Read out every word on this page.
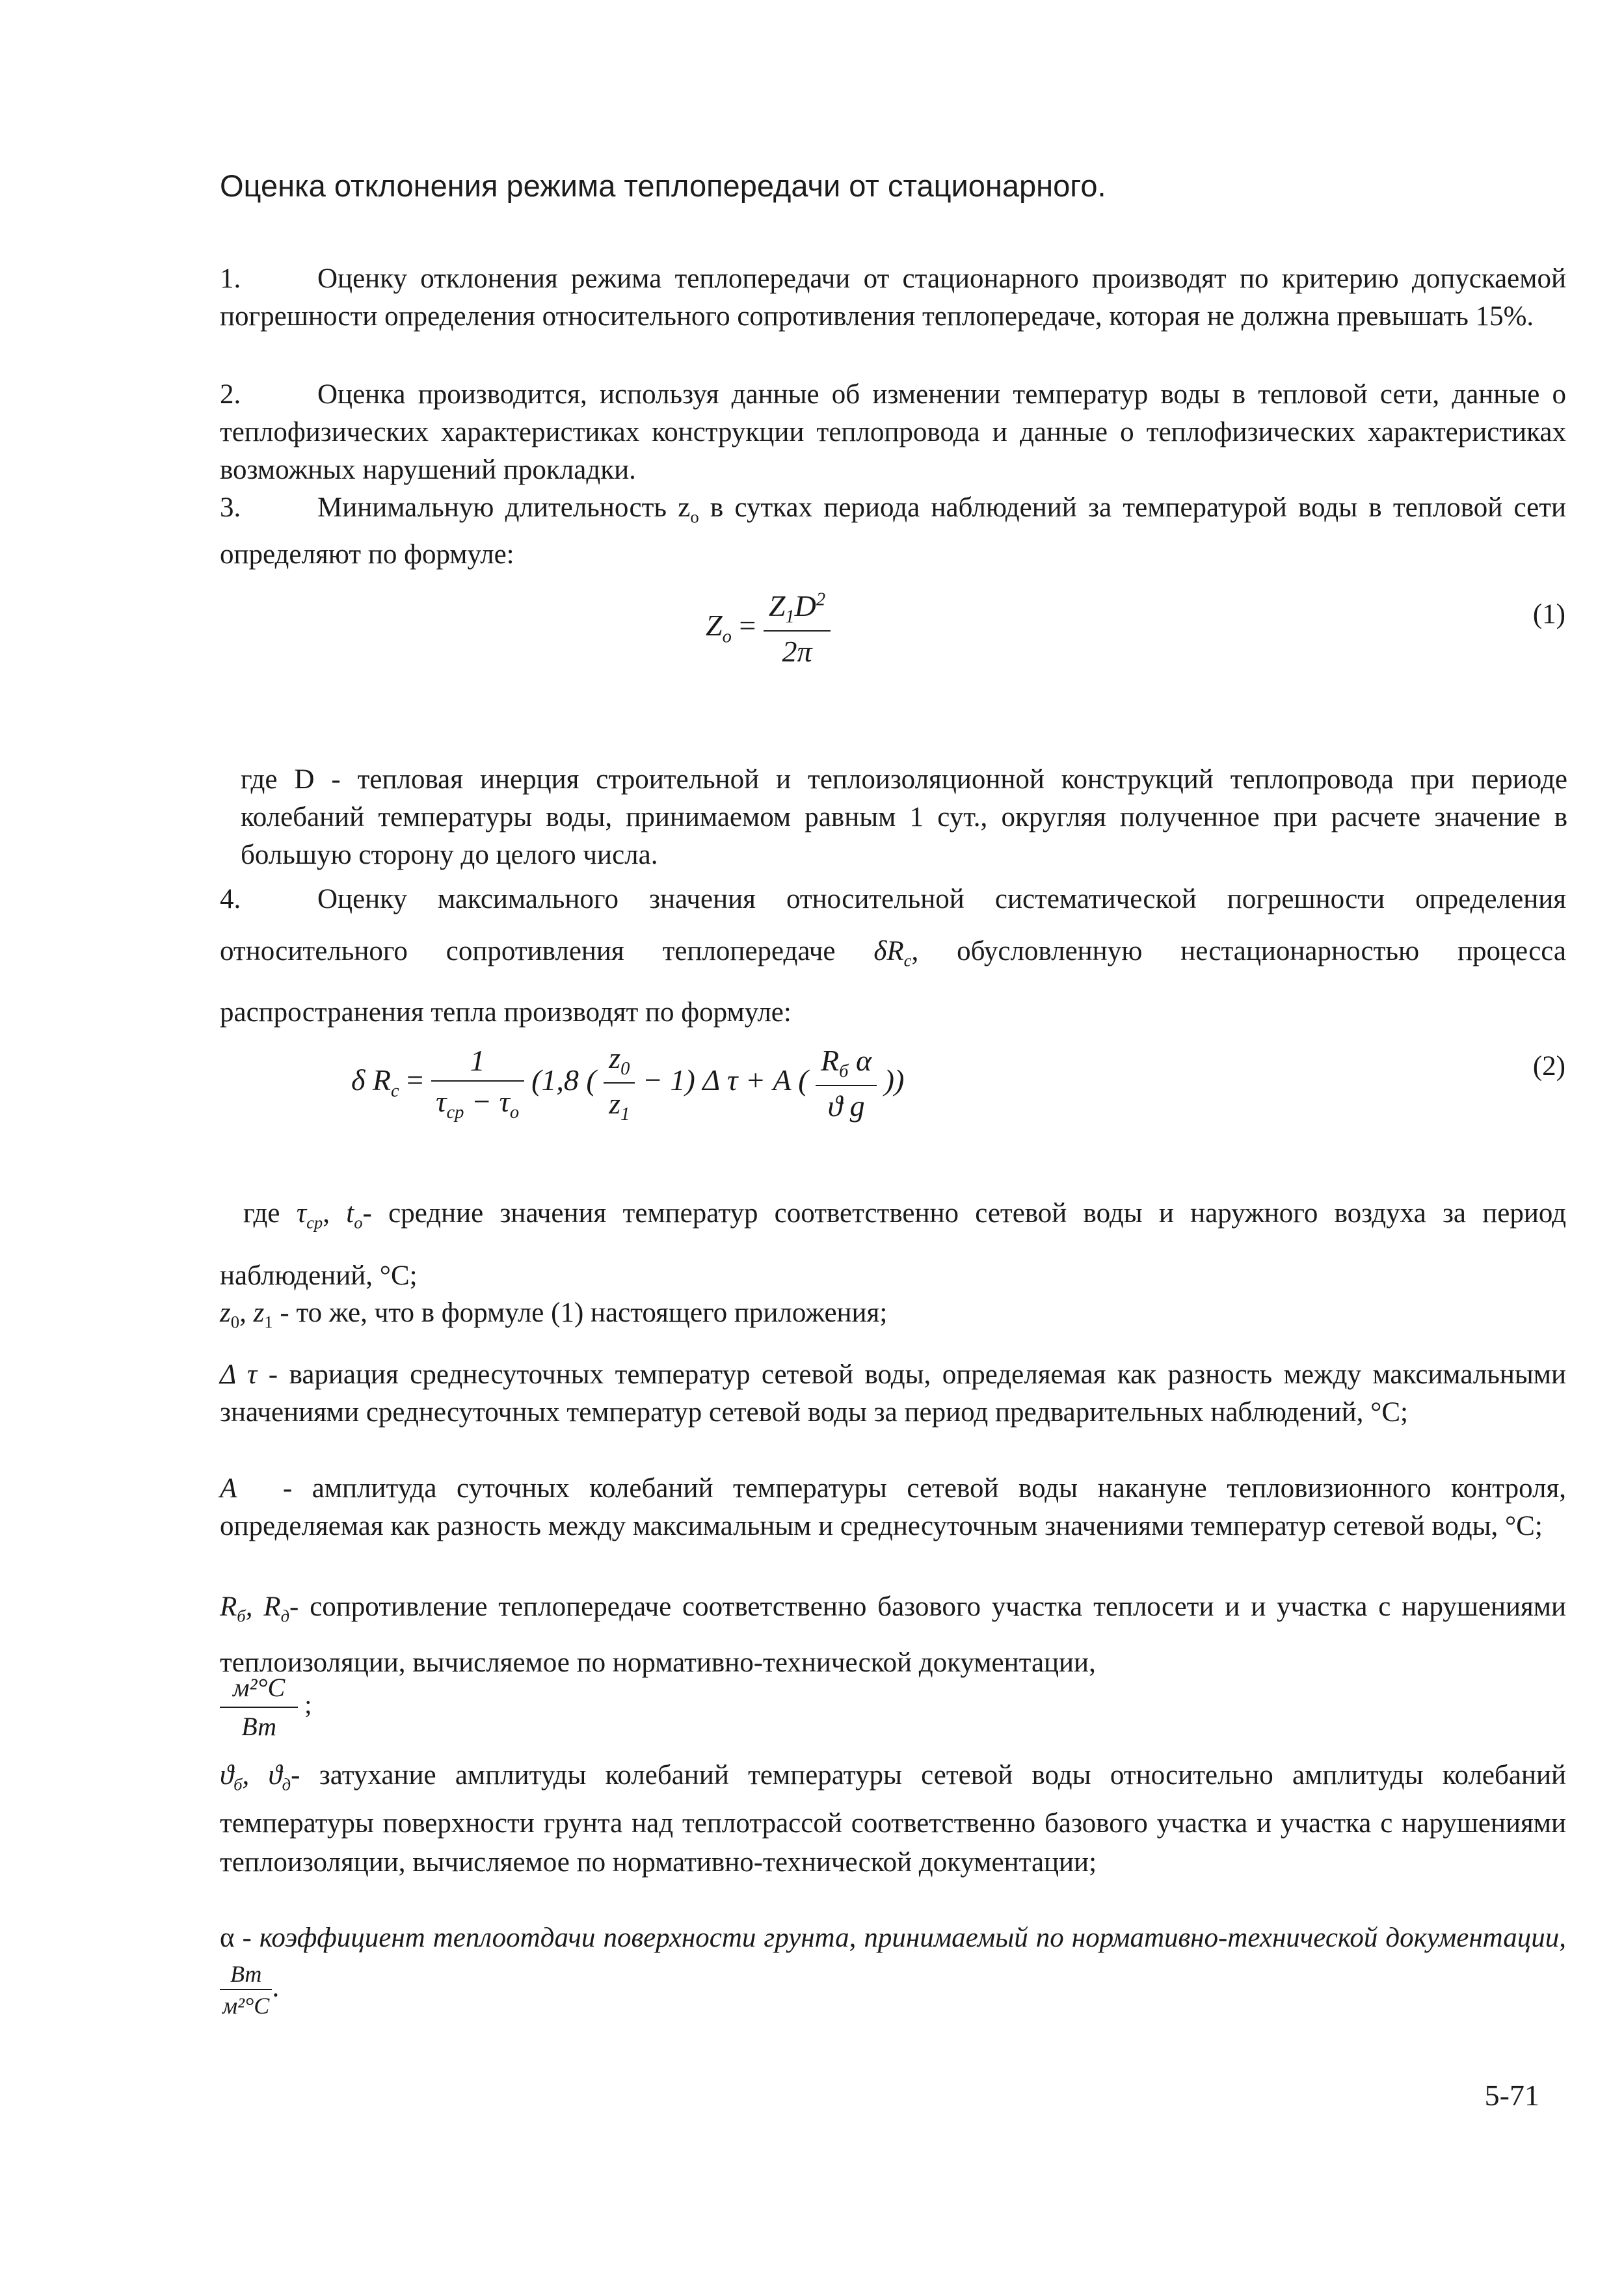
Оценка отклонения режима теплопередачи от стационарного.
1.	Оценку отклонения режима теплопередачи от стационарного производят по критерию допускаемой погрешности определения относительного сопротивления теплопередаче, которая не должна превышать 15%.
2.	Оценка производится, используя данные об изменении температур воды в тепловой сети, данные о теплофизических характеристиках конструкции теплопровода и данные о теплофизических характеристиках возможных нарушений прокладки.
3.	Минимальную длительность $z_o$ в сутках периода наблюдений за температурой воды в тепловой сети определяют по формуле:
$Z_o = \frac{Z_1D^2}{2\pi}$	(1)
где D - тепловая инерция строительной и теплоизоляционной конструкций теплопровода при периоде колебаний температуры воды, принимаемом равным 1 сут., округляя полученное при расчете значение в большую сторону до целого числа.
4.	Оценку максимального значения относительной систематической погрешности определения относительного сопротивления теплопередаче $\delta R_c$, обусловленную нестационарностью процесса распространения тепла производят по формуле:
δ $R_c = \frac{1}{\tau_{ср} - \tau_o} (1,8$ ( $\frac{z_0}{z_1} - 1$) Δ τ + A ( $\frac{R_б \alpha}{\text{ϑ g}}$ ))	(2)
где $\tau_{ср}$, $t_о-$ средние значения температур соответственно сетевой воды и наружного воздуха за период наблюдений, °С;
$z_0$, $z_1$ - то же, что в формуле (1) настоящего приложения;
Δ τ - вариация среднесуточных температур сетевой воды, определяемая как разность между максимальными значениями среднесуточных температур сетевой воды за период предварительных наблюдений, °С;
A - амплитуда суточных колебаний температуры сетевой воды накануне тепловизионного контроля, определяемая как разность между максимальным и среднесуточным значениями температур сетевой воды, °С;
$R_б$, $R_д-$ сопротивление теплопередаче соответственно базового участка теплосети и и участка с нарушениями теплоизоляции, вычисляемое по нормативно-технической документации,
$\frac{\text{м²°С}}{Вт}$ ;
$ϑ_б$, $ϑ_д-$ затухание амплитуды колебаний температуры сетевой воды относительно амплитуды колебаний температуры поверхности грунта над теплотрассой соответственно базового участка и участка с нарушениями теплоизоляции, вычисляемое по нормативно-технической документации;
α - коэффициент теплоотдачи поверхности грунта, принимаемый по нормативно-технической документации,
$\frac{Вт}{\text{м²°С}}$ .
5-71
